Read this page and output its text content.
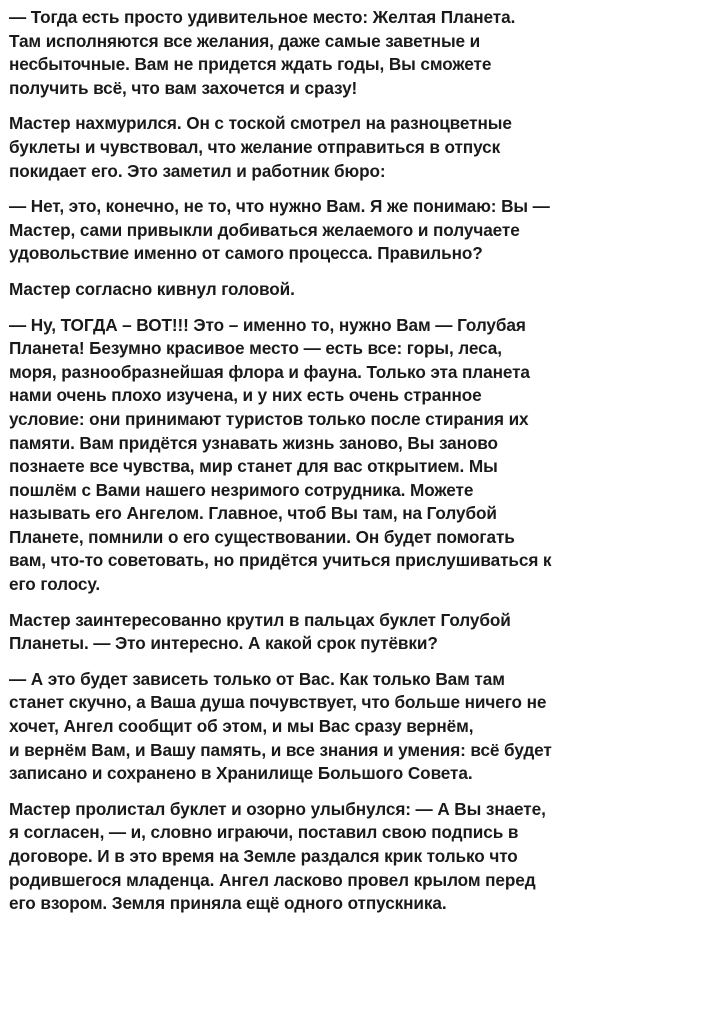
— Тогда есть просто удивительное место: Желтая Планета.
Там исполняются все желания, даже самые заветные и
несбыточные. Вам не придется ждать годы, Вы сможете
получить всё, что вам захочется и сразу!

Мастер нахмурился. Он с тоской смотрел на разноцветные
буклеты и чувствовал, что желание отправиться в отпуск
покидает его. Это заметил и работник бюро:

— Нет, это, конечно, не то, что нужно Вам. Я же понимаю: Вы —
Мастер, сами привыкли добиваться желаемого и получаете
удовольствие именно от самого процесса. Правильно?

Мастер согласно кивнул головой.

— Ну, ТОГДА – ВОТ!!! Это – именно то, нужно Вам — Голубая
Планета! Безумно красивое место — есть все: горы, леса,
моря, разнообразнейшая флора и фауна. Только эта планета
нами очень плохо изучена, и у них есть очень странное
условие: они принимают туристов только после стирания их
памяти. Вам придётся узнавать жизнь заново, Вы заново
познаете все чувства, мир станет для вас открытием. Мы
пошлём с Вами нашего незримого сотрудника. Можете
называть его Ангелом. Главное, чтоб Вы там, на Голубой
Планете, помнили о его существовании. Он будет помогать
вам, что-то советовать, но придётся учиться прислушиваться к
его голосу.

Мастер заинтересованно крутил в пальцах буклет Голубой
Планеты. — Это интересно. А какой срок путёвки?

— А это будет зависеть только от Вас. Как только Вам там
станет скучно, а Ваша душа почувствует, что больше ничего не
хочет, Ангел сообщит об этом, и мы Вас сразу вернём,
и вернём Вам, и Вашу память, и все знания и умения: всё будет
записано и сохранено в Хранилище Большого Совета.

Мастер пролистал буклет и озорно улыбнулся: — А Вы знаете,
я согласен, — и, словно играючи, поставил свою подпись в
договоре. И в это время на Земле раздался крик только что
родившегося младенца. Ангел ласково провел крылом перед
его взором. Земля приняла ещё одного отпускника.
